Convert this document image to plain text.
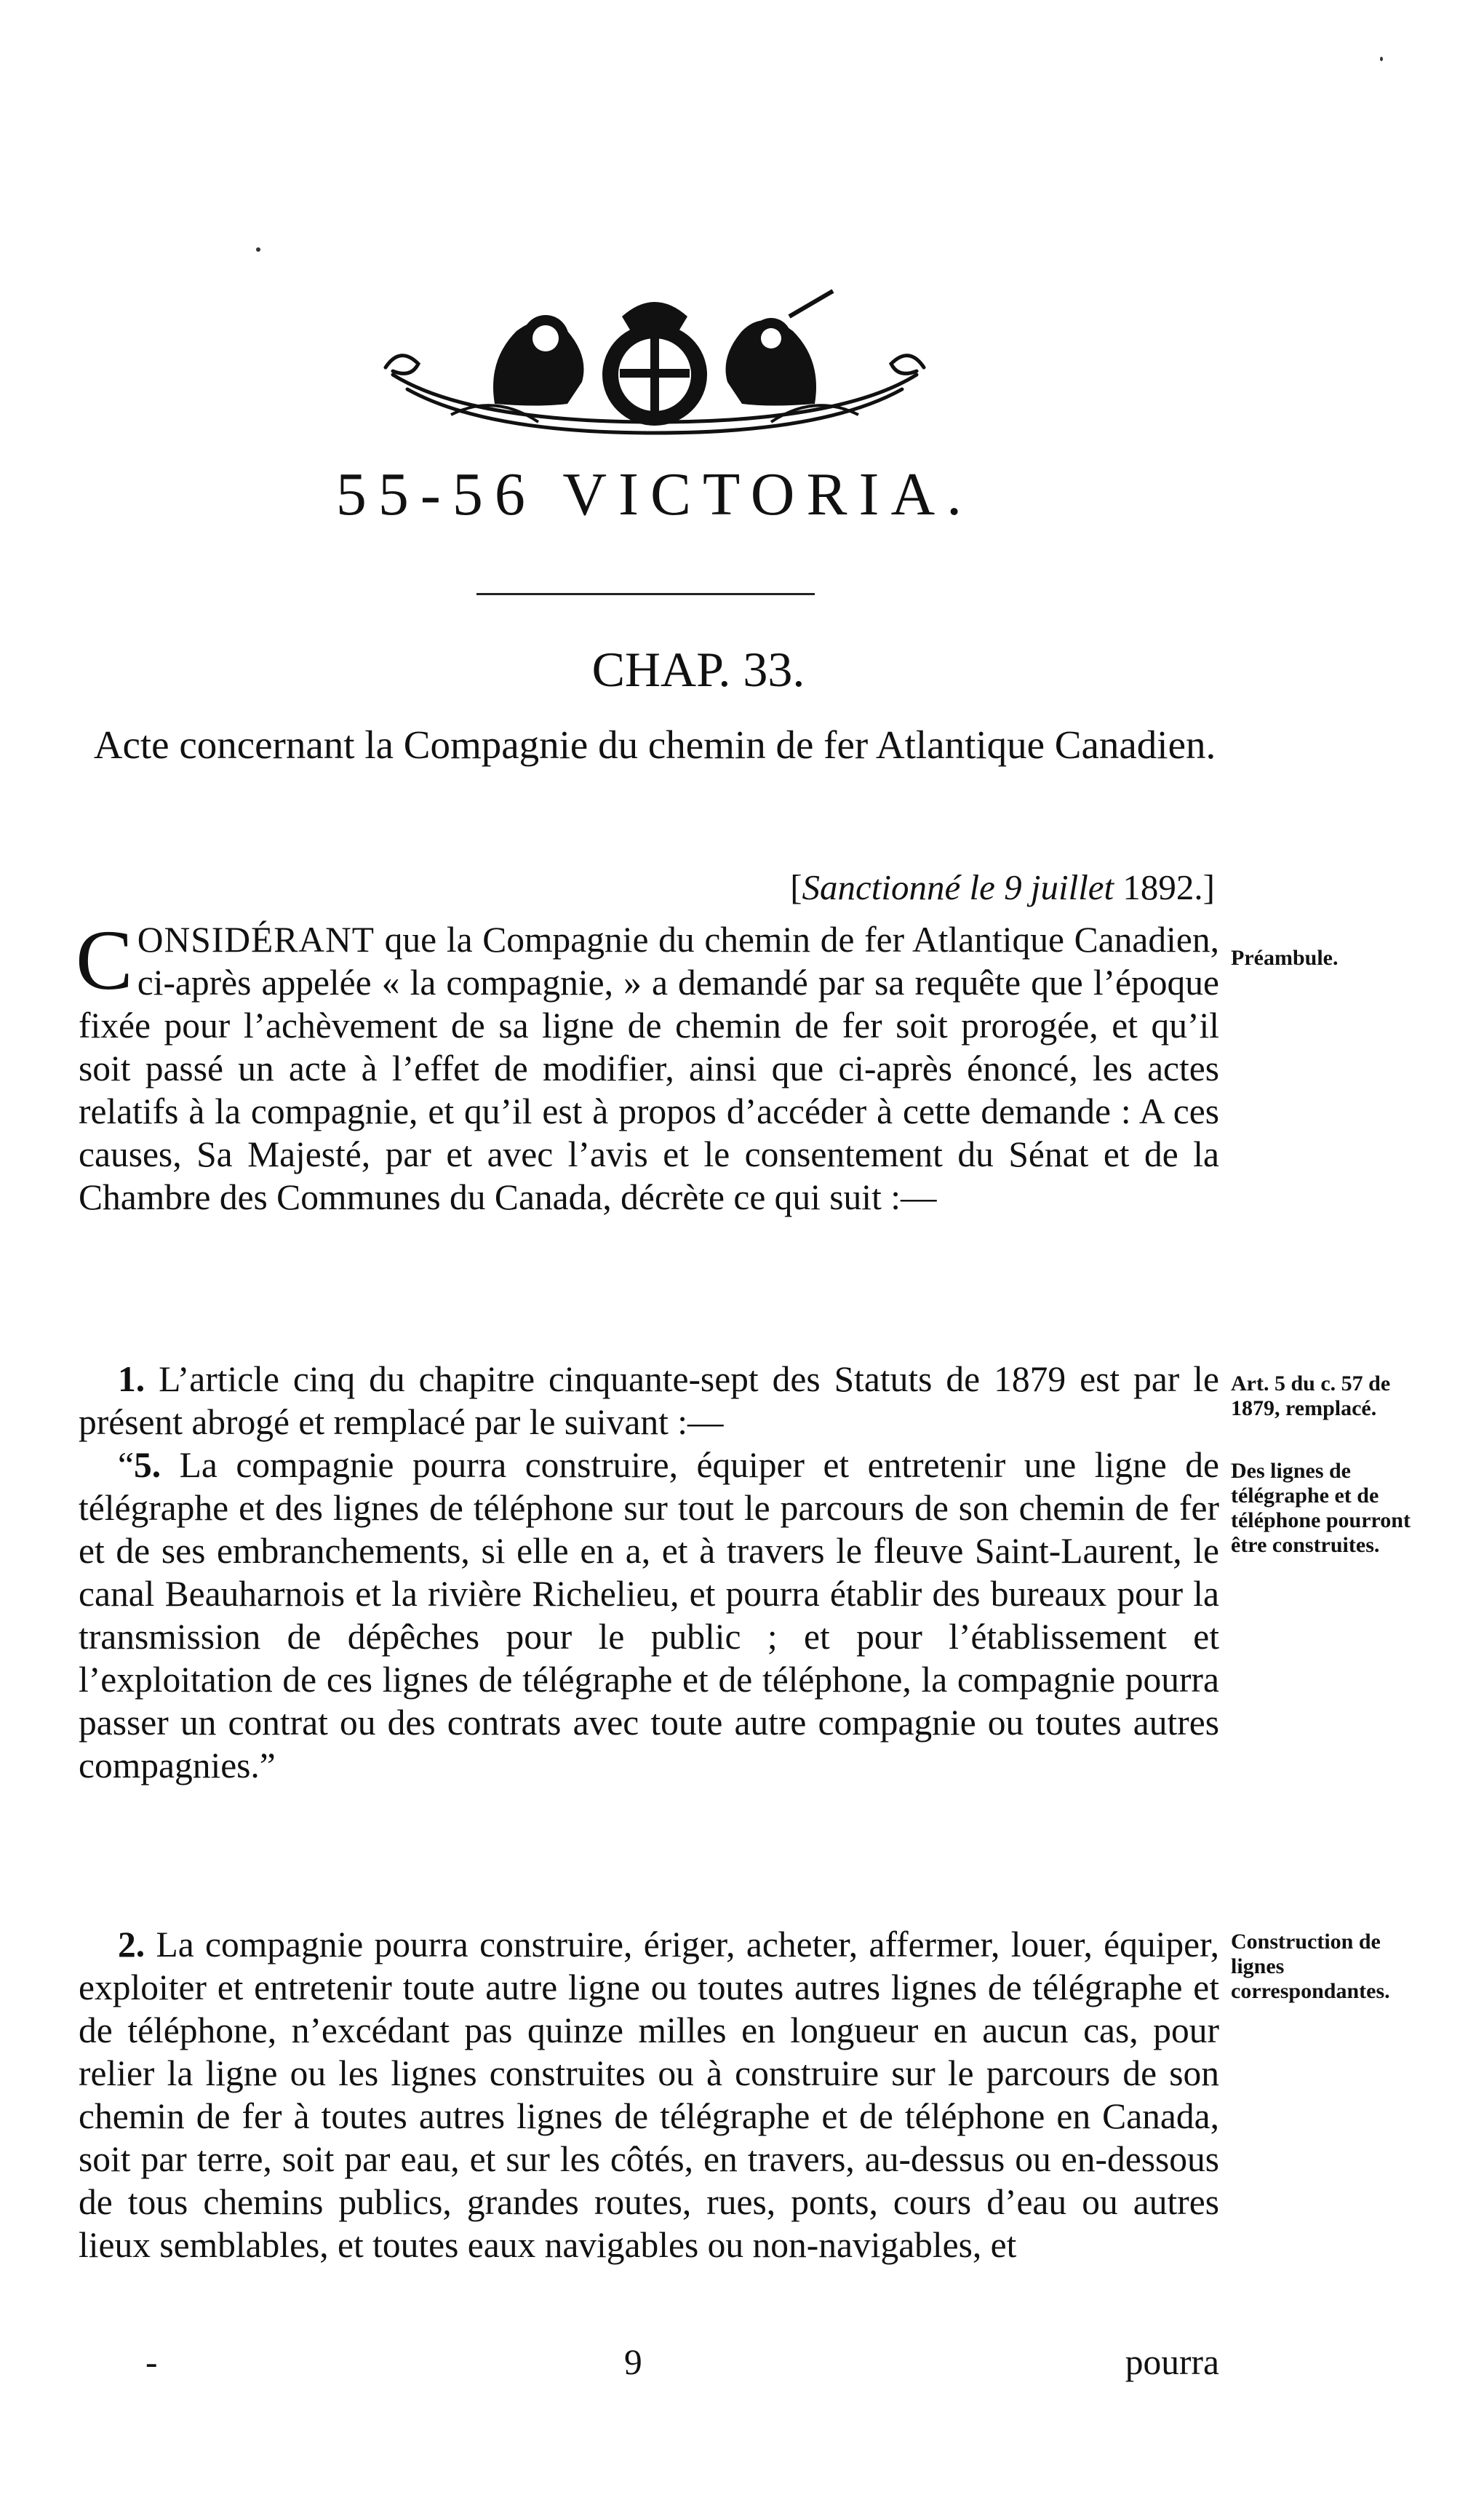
55-56 VICTORIA.
CHAP. 33.
Acte concernant la Compagnie du chemin de fer Atlantique Canadien.
[Sanctionné le 9 juillet 1892.]
CONSIDÉRANT que la Compagnie du chemin de fer Atlantique Canadien, ci-après appelée « la compagnie, » a demandé par sa requête que l’époque fixée pour l’achèvement de sa ligne de chemin de fer soit prorogée, et qu’il soit passé un acte à l’effet de modifier, ainsi que ci-après énoncé, les actes relatifs à la compagnie, et qu’il est à propos d’accéder à cette demande : A ces causes, Sa Majesté, par et avec l’avis et le consentement du Sénat et de la Chambre des Communes du Canada, décrète ce qui suit :—
1. L’article cinq du chapitre cinquante-sept des Statuts de 1879 est par le présent abrogé et remplacé par le suivant :—
“5. La compagnie pourra construire, équiper et entretenir une ligne de télégraphe et des lignes de téléphone sur tout le parcours de son chemin de fer et de ses embranchements, si elle en a, et à travers le fleuve Saint-Laurent, le canal Beauharnois et la rivière Richelieu, et pourra établir des bureaux pour la transmission de dépêches pour le public ; et pour l’établissement et l’exploitation de ces lignes de télégraphe et de téléphone, la compagnie pourra passer un contrat ou des contrats avec toute autre compagnie ou toutes autres compagnies.”
2. La compagnie pourra construire, ériger, acheter, affermer, louer, équiper, exploiter et entretenir toute autre ligne ou toutes autres lignes de télégraphe et de téléphone, n’excédant pas quinze milles en longueur en aucun cas, pour relier la ligne ou les lignes construites ou à construire sur le parcours de son chemin de fer à toutes autres lignes de télégraphe et de téléphone en Canada, soit par terre, soit par eau, et sur les côtés, en travers, au-dessus ou en-dessous de tous chemins publics, grandes routes, rues, ponts, cours d’eau ou autres lieux semblables, et toutes eaux navigables ou non-navigables, et
Préambule.
Art. 5 du c. 57 de 1879, remplacé.
Des lignes de télégraphe et de téléphone pourront être construites.
Construction de lignes correspondantes.
-	9	pourra
